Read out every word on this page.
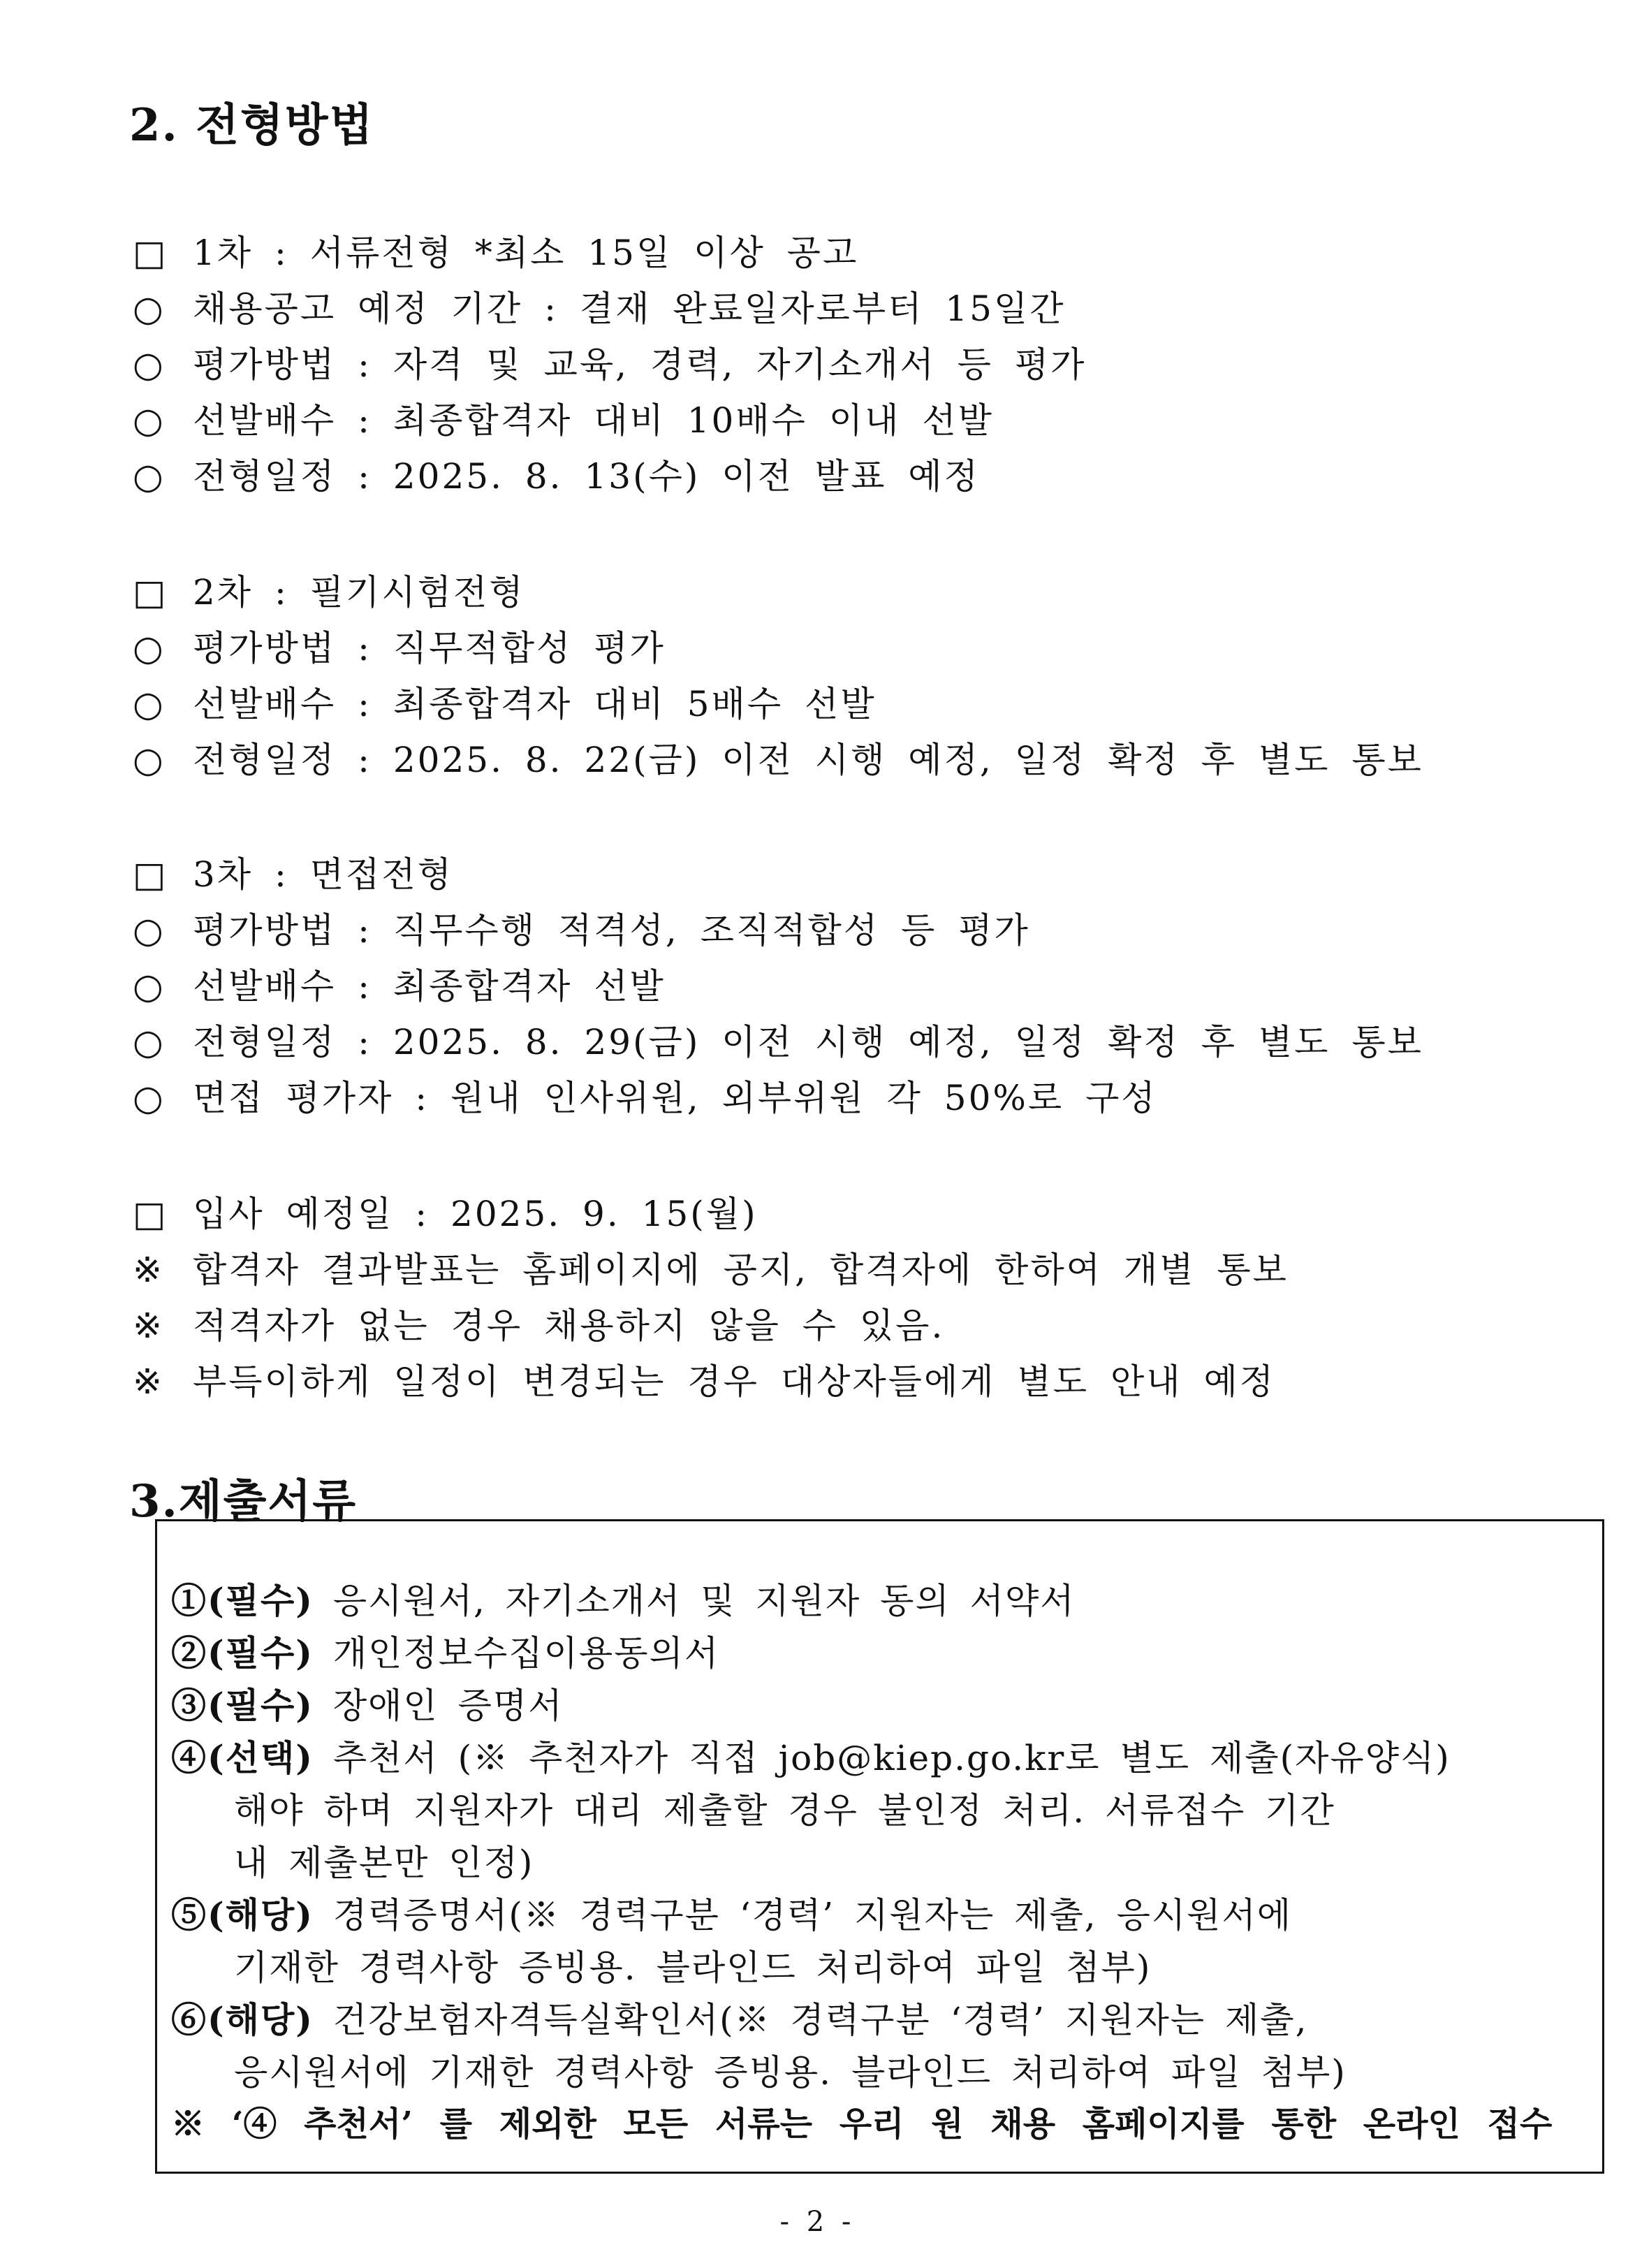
2. 전형방법
□ 1차 : 서류전형 *최소 15일 이상 공고
○ 채용공고 예정 기간 : 결재 완료일자로부터 15일간
○ 평가방법 : 자격 및 교육, 경력, 자기소개서 등 평가
○ 선발배수 : 최종합격자 대비 10배수 이내 선발
○ 전형일정 : 2025. 8. 13(수) 이전 발표 예정
□ 2차 : 필기시험전형
○ 평가방법 : 직무적합성 평가
○ 선발배수 : 최종합격자 대비 5배수 선발
○ 전형일정 : 2025. 8. 22(금) 이전 시행 예정, 일정 확정 후 별도 통보
□ 3차 : 면접전형
○ 평가방법 : 직무수행 적격성, 조직적합성 등 평가
○ 선발배수 : 최종합격자 선발
○ 전형일정 : 2025. 8. 29(금) 이전 시행 예정, 일정 확정 후 별도 통보
○ 면접 평가자 : 원내 인사위원, 외부위원 각 50%로 구성
□ 입사 예정일 : 2025. 9. 15(월)
※ 합격자 결과발표는 홈페이지에 공지, 합격자에 한하여 개별 통보
※ 적격자가 없는 경우 채용하지 않을 수 있음.
※ 부득이하게 일정이 변경되는 경우 대상자들에게 별도 안내 예정
3.제출서류
①(필수) 응시원서, 자기소개서 및 지원자 동의 서약서
②(필수) 개인정보수집이용동의서
③(필수) 장애인 증명서
④(선택) 추천서 (※ 추천자가 직접 job@kiep.go.kr로 별도 제출(자유양식)
해야 하며 지원자가 대리 제출할 경우 불인정 처리. 서류접수 기간
내 제출본만 인정)
⑤(해당) 경력증명서(※ 경력구분 ‘경력’ 지원자는 제출, 응시원서에
기재한 경력사항 증빙용. 블라인드 처리하여 파일 첨부)
⑥(해당) 건강보험자격득실확인서(※ 경력구분 ‘경력’ 지원자는 제출,
응시원서에 기재한 경력사항 증빙용. 블라인드 처리하여 파일 첨부)
※ ‘④ 추천서’ 를 제외한 모든 서류는 우리 원 채용 홈페이지를 통한 온라인 접수
- 2 -
